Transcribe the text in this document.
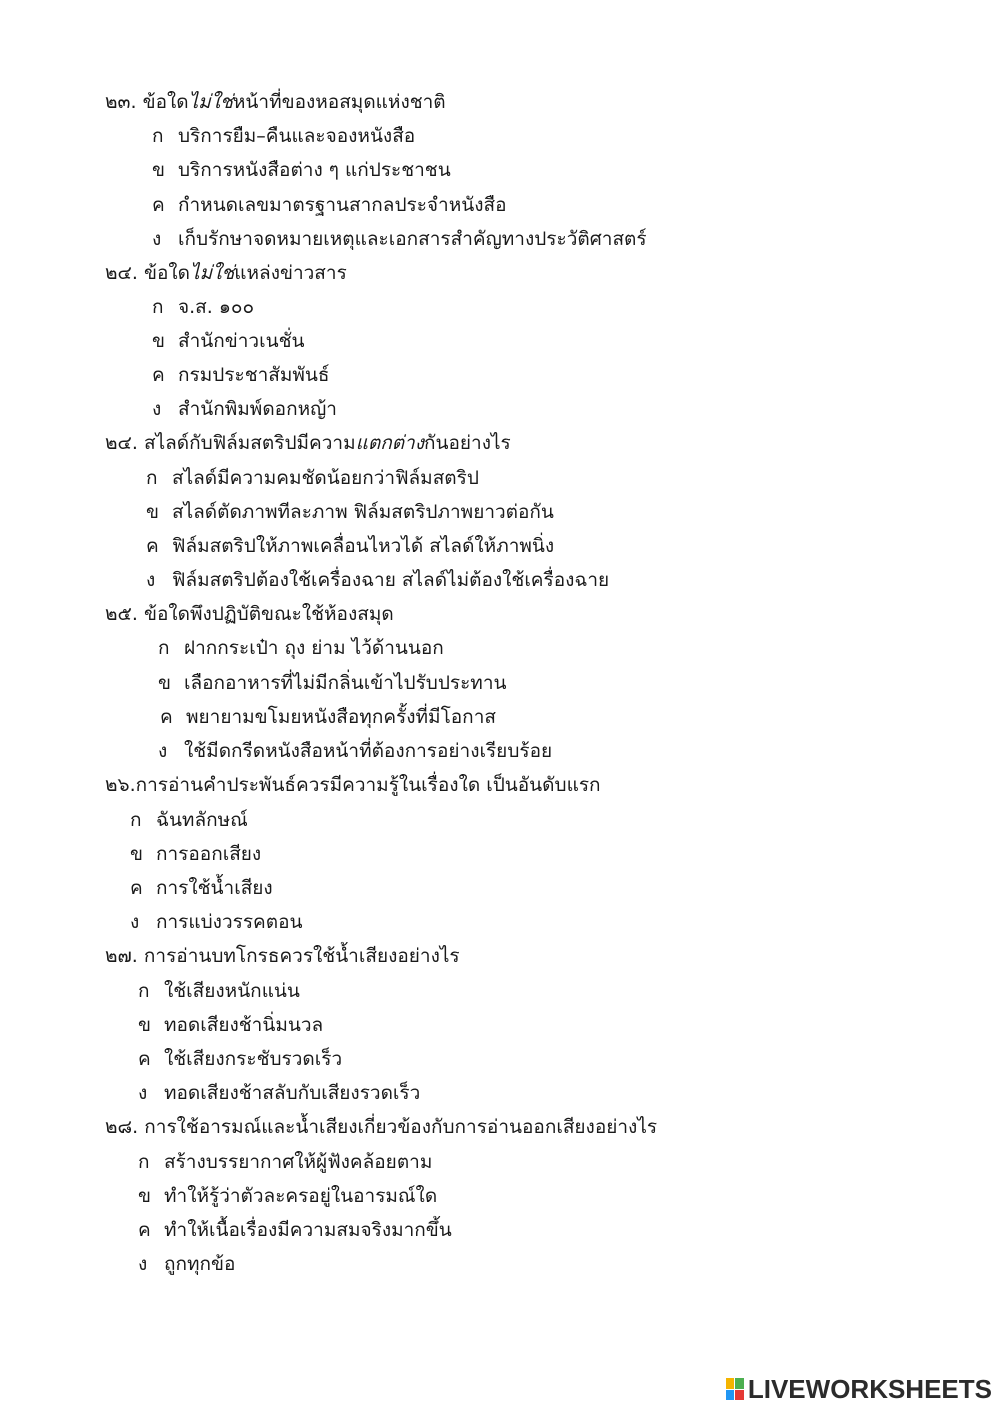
๒๓. ข้อใดไม่ใช่หน้าที่ของหอสมุดแห่งชาติ
ก บริการยืม–คืนและจองหนังสือ
ข บริการหนังสือต่าง ๆ แก่ประชาชน
ค กำหนดเลขมาตรฐานสากลประจำหนังสือ
ง เก็บรักษาจดหมายเหตุและเอกสารสำคัญทางประวัติศาสตร์
๒๔. ข้อใดไม่ใช่แหล่งข่าวสาร
ก จ.ส. ๑๐๐
ข สำนักข่าวเนชั่น
ค กรมประชาสัมพันธ์
ง สำนักพิมพ์ดอกหญ้า
๒๔. สไลด์กับฟิล์มสตริปมีความแตกต่างกันอย่างไร
ก สไลด์มีความคมชัดน้อยกว่าฟิล์มสตริป
ข สไลด์ตัดภาพทีละภาพ ฟิล์มสตริปภาพยาวต่อกัน
ค ฟิล์มสตริปให้ภาพเคลื่อนไหวได้ สไลด์ให้ภาพนิ่ง
ง ฟิล์มสตริปต้องใช้เครื่องฉาย สไลด์ไม่ต้องใช้เครื่องฉาย
๒๕. ข้อใดพึงปฏิบัติขณะใช้ห้องสมุด
ก ฝากกระเป๋า ถุง ย่าม ไว้ด้านนอก
ข เลือกอาหารที่ไม่มีกลิ่นเข้าไปรับประทาน
ค พยายามขโมยหนังสือทุกครั้งที่มีโอกาส
ง ใช้มีดกรีดหนังสือหน้าที่ต้องการอย่างเรียบร้อย
๒๖.การอ่านคำประพันธ์ควรมีความรู้ในเรื่องใด เป็นอันดับแรก
ก ฉันทลักษณ์
ข การออกเสียง
ค การใช้น้ำเสียง
ง การแบ่งวรรคตอน
๒๗. การอ่านบทโกรธควรใช้น้ำเสียงอย่างไร
ก ใช้เสียงหนักแน่น
ข ทอดเสียงช้านิ่มนวล
ค ใช้เสียงกระชับรวดเร็ว
ง ทอดเสียงช้าสลับกับเสียงรวดเร็ว
๒๘. การใช้อารมณ์และน้ำเสียงเกี่ยวข้องกับการอ่านออกเสียงอย่างไร
ก สร้างบรรยากาศให้ผู้ฟังคล้อยตาม
ข ทำให้รู้ว่าตัวละครอยู่ในอารมณ์ใด
ค ทำให้เนื้อเรื่องมีความสมจริงมากขึ้น
ง ถูกทุกข้อ
LIVEWORKSHEETS
